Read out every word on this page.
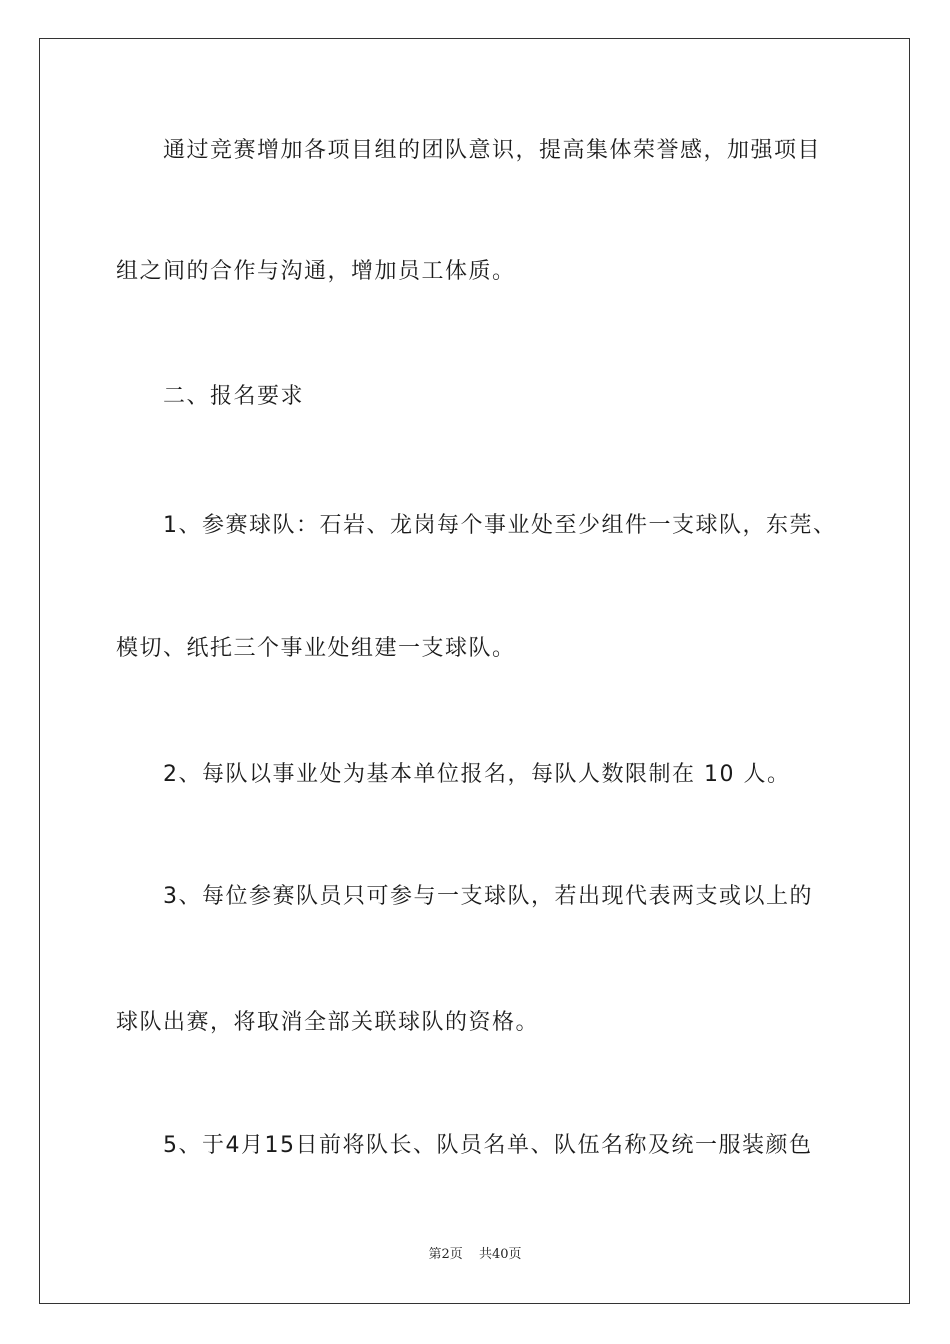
通过竞赛增加各项目组的团队意识，提高集体荣誉感，加强项目
组之间的合作与沟通，增加员工体质。
二、报名要求
1、参赛球队：石岩、龙岗每个事业处至少组件一支球队，东莞、
模切、纸托三个事业处组建一支球队。
2、每队以事业处为基本单位报名，每队人数限制在 10 人。
3、每位参赛队员只可参与一支球队，若出现代表两支或以上的
球队出赛，将取消全部关联球队的资格。
5、于4月15日前将队长、队员名单、队伍名称及统一服装颜色
第2页 共40页
